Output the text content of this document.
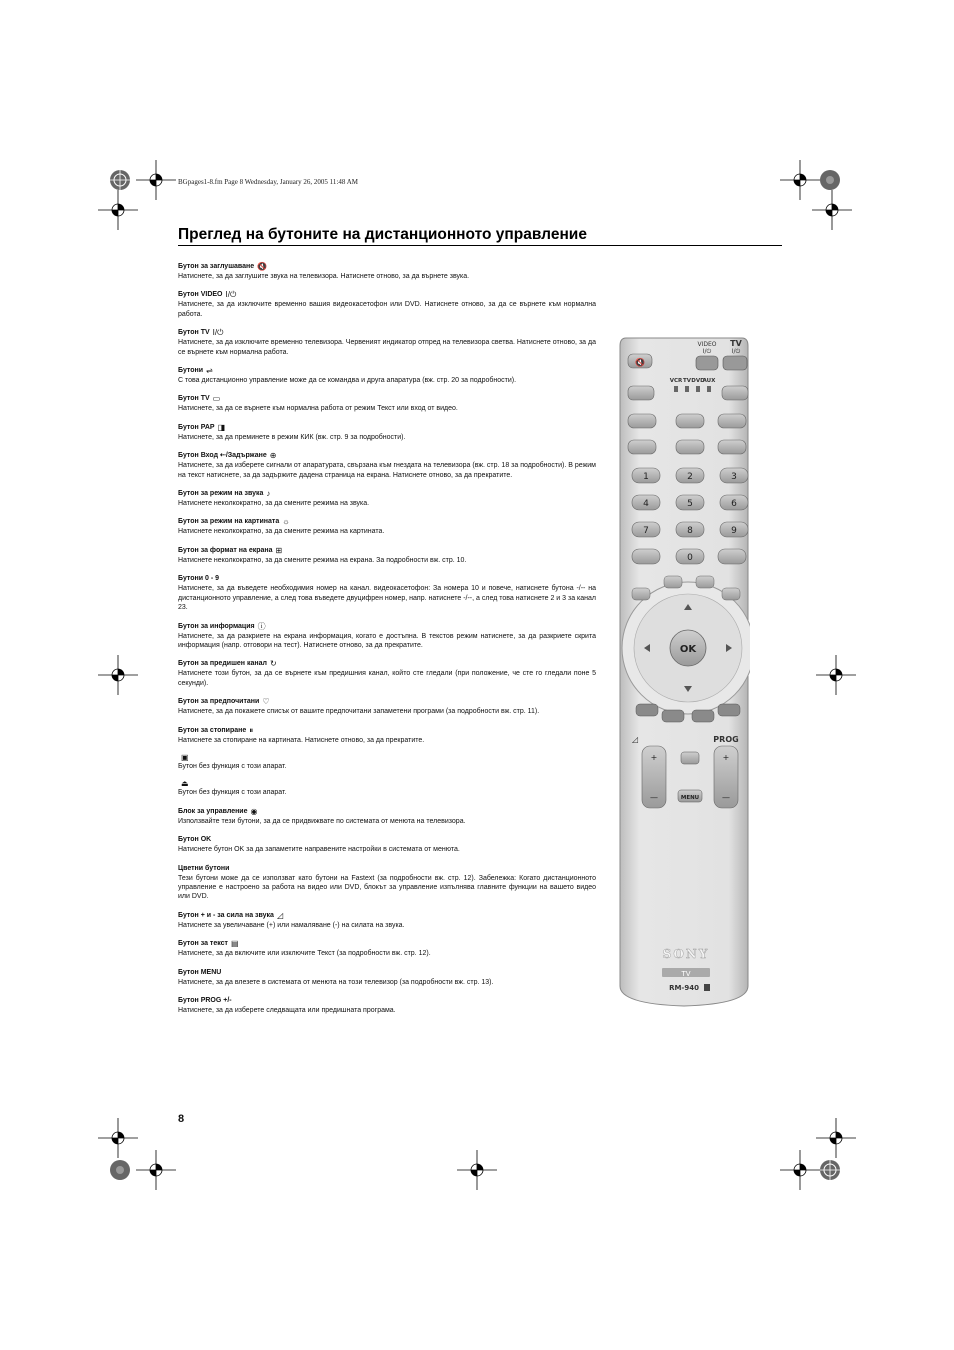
BGpages1-8.fm Page 8 Wednesday, January 26, 2005 11:48 AM
Преглед на бутоните на дистанционното управление
Бутон за заглушаване 🔇
Натиснете, за да заглушите звука на телевизора. Натиснете отново, за да върнете звука.
Бутон VIDEO I/⏻
Натиснете, за да изключите временно вашия видеокасетофон или DVD. Натиснете отново, за да се върнете към нормална работа.
Бутон TV I/⏻
Натиснете, за да изключите временно телевизора. Червеният индикатор отпред на телевизора светва. Натиснете отново, за да се върнете към нормална работа.
Бутони ⇌
С това дистанционно управление може да се командва и друга апаратура (вж. стр. 20 за подробности).
Бутон TV ▭
Натиснете, за да се върнете към нормална работа от режим Текст или вход от видео.
Бутон PAP ◨
Натиснете, за да преминете в режим КИК (вж. стр. 9 за подробности).
Бутон Вход ⇠/Задържане ⊕
Натиснете, за да изберете сигнали от апаратурата, свързана към гнездата на телевизора (вж. стр. 18 за подробности). В режим на текст натиснете, за да задържите дадена страница на екрана. Натиснете отново, за да прекратите.
Бутон за режим на звука ♪
Натиснете неколкократно, за да смените режима на звука.
Бутон за режим на картината ☼
Натиснете неколкократно, за да смените режима на картината.
Бутон за формат на екрана ⊞
Натиснете неколкократно, за да смените режима на екрана. За подробности вж. стр. 10.
Бутони 0 - 9
Натиснете, за да въведете необходимия номер на канал. видеокасетофон: За номера 10 и повече, натиснете бутона -/-- на дистанционното управление, а след това въведете двуцифрен номер, напр. натиснете -/--, а след това натиснете 2 и 3 за канал 23.
Бутон за информация ⓘ
Натиснете, за да разкриете на екрана информация, когато е достъпна. В текстов режим натиснете, за да разкриете скрита информация (напр. отговори на тест). Натиснете отново, за да прекратите.
Бутон за предишен канал ↻
Натиснете този бутон, за да се върнете към предишния канал, който сте гледали (при положение, че сте го гледали поне 5 секунди).
Бутон за предпочитани ♡
Натиснете, за да покажете списък от вашите предпочитани запаметени програми (за подробности вж. стр. 11).
Бутон за стопиране ⏸
Натиснете за стопиране на картината. Натиснете отново, за да прекратите.
▣
Бутон без функция с този апарат.
⏏
Бутон без функция с този апарат.
Блок за управление ◉
Използвайте тези бутони, за да се придвижвате по системата от менюта на телевизора.
Бутон OK
Натиснете бутон OK за да запаметите направените настройки в системата от менюта.
Цветни бутони
Тези бутони може да се използват като бутони на Fastext (за подробности вж. стр. 12). Забележка: Когато дистанционното управление е настроено за работа на видео или DVD, блокът за управление изпълнява главните функции на вашето видео или DVD.
Бутон + и - за сила на звука ◿
Натиснете за увеличаване (+) или намаляване (-) на силата на звука.
Бутон за текст ▤
Натиснете, за да включите или изключите Текст (за подробности вж. стр. 12).
Бутон MENU
Натиснете, за да влезете в системата от менюта на този телевизор (за подробности вж. стр. 13).
Бутон PROG +/-
Натиснете, за да изберете следващата или предишната програма.
🔇
VIDEO
I/⏻
TV
I/⏻
VCR TV DVD
AUX
1	2	3
4	5	6
7	8	9
0
OK
◿	PROG
+
—
+
—
MENU
SONY
TV
RM-940
8
